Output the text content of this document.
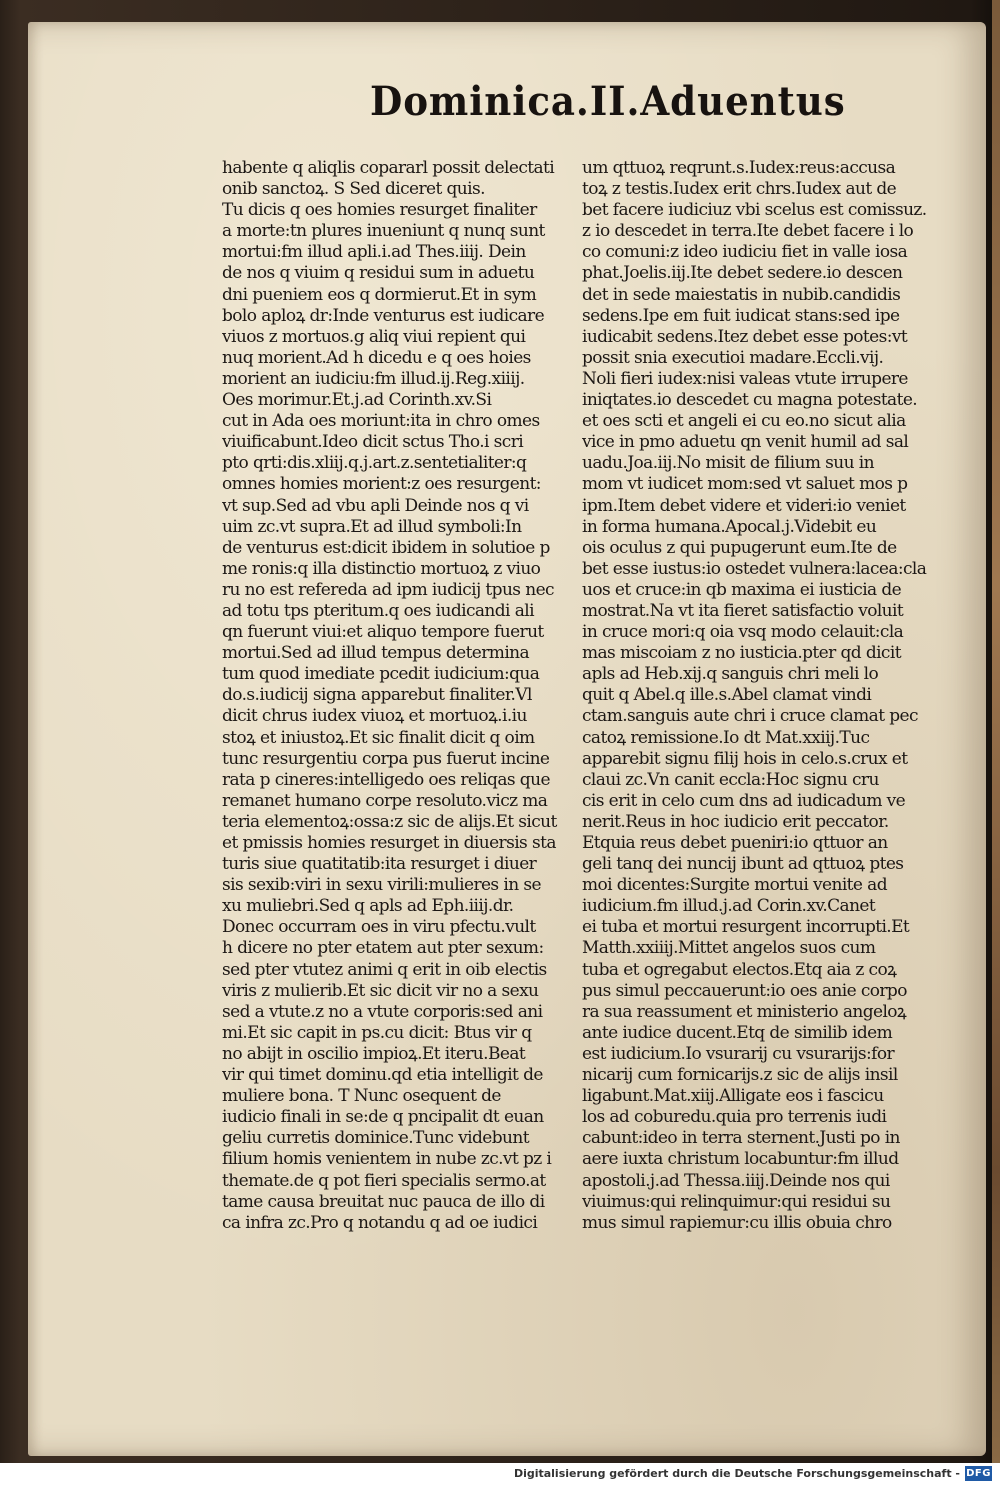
Dominica.II.Aduentus
habente q aliqlis copararl possit delectati
onib sanctoꝝ. S Sed diceret quis.
Tu dicis q oes homies resurget finaliter
a morte:tn plures inueniunt q nunq sunt
mortui:fm illud apli.i.ad Thes.iiij. Dein
de nos q viuim q residui sum in aduetu
dni pueniem eos q dormierut.Et in sym
bolo aploꝝ dr:Inde venturus est iudicare
viuos z mortuos.g aliq viui repient qui
nuq morient.Ad h dicedu e q oes hoies
morient an iudiciu:fm illud.ij.Reg.xiiij.
Oes morimur.Et.j.ad Corinth.xv.Si
cut in Ada oes moriunt:ita in chro omes
viuificabunt.Ideo dicit sctus Tho.i scri
pto qrti:dis.xliij.q.j.art.z.sentetialiter:q
omnes homies morient:z oes resurgent:
vt sup.Sed ad vbu apli Deinde nos q vi
uim zc.vt supra.Et ad illud symboli:In
de venturus est:dicit ibidem in solutioe p
me ronis:q illa distinctio mortuoꝝ z viuo
ru no est refereda ad ipm iudicij tpus nec
ad totu tps pteritum.q oes iudicandi ali
qn fuerunt viui:et aliquo tempore fuerut
mortui.Sed ad illud tempus determina
tum quod imediate pcedit iudicium:qua
do.s.iudicij signa apparebut finaliter.Vl
dicit chrus iudex viuoꝝ et mortuoꝝ.i.iu
stoꝝ et iniustoꝝ.Et sic finalit dicit q oim
tunc resurgentiu corpa pus fuerut incine
rata p cineres:intelligedo oes reliqas que
remanet humano corpe resoluto.vicz ma
teria elementoꝝ:ossa:z sic de alijs.Et sicut
et pmissis homies resurget in diuersis sta
turis siue quatitatib:ita resurget i diuer
sis sexib:viri in sexu virili:mulieres in se
xu muliebri.Sed q apls ad Eph.iiij.dr.
Donec occurram oes in viru pfectu.vult
h dicere no pter etatem aut pter sexum:
sed pter vtutez animi q erit in oib electis
viris z mulierib.Et sic dicit vir no a sexu
sed a vtute.z no a vtute corporis:sed ani
mi.Et sic capit in ps.cu dicit: Btus vir q
no abijt in oscilio impioꝝ.Et iteru.Beat
vir qui timet dominu.qd etia intelligit de
muliere bona. T Nunc osequent de
iudicio finali in se:de q pncipalit dt euan
geliu curretis dominice.Tunc videbunt
filium homis venientem in nube zc.vt pz i
themate.de q pot fieri specialis sermo.at
tame causa breuitat nuc pauca de illo di
ca infra zc.Pro q notandu q ad oe iudici
um qttuoꝝ reqrunt.s.Iudex:reus:accusa
toꝝ z testis.Iudex erit chrs.Iudex aut de
bet facere iudiciuz vbi scelus est comissuz.
z io descedet in terra.Ite debet facere i lo
co comuni:z ideo iudiciu fiet in valle iosa
phat.Joelis.iij.Ite debet sedere.io descen
det in sede maiestatis in nubib.candidis
sedens.Ipe em fuit iudicat stans:sed ipe
iudicabit sedens.Itez debet esse potes:vt
possit snia executioi madare.Eccli.vij.
Noli fieri iudex:nisi valeas vtute irrupere
iniqtates.io descedet cu magna potestate.
et oes scti et angeli ei cu eo.no sicut alia
vice in pmo aduetu qn venit humil ad sal
uadu.Joa.iij.No misit de filium suu in
mom vt iudicet mom:sed vt saluet mos p
ipm.Item debet videre et videri:io veniet
in forma humana.Apocal.j.Videbit eu
ois oculus z qui pupugerunt eum.Ite de
bet esse iustus:io ostedet vulnera:lacea:cla
uos et cruce:in qb maxima ei iusticia de
mostrat.Na vt ita fieret satisfactio voluit
in cruce mori:q oia vsq modo celauit:cla
mas miscoiam z no iusticia.pter qd dicit
apls ad Heb.xij.q sanguis chri meli lo
quit q Abel.q ille.s.Abel clamat vindi
ctam.sanguis aute chri i cruce clamat pec
catoꝝ remissione.Io dt Mat.xxiij.Tuc
apparebit signu filij hois in celo.s.crux et
claui zc.Vn canit eccla:Hoc signu cru
cis erit in celo cum dns ad iudicadum ve
nerit.Reus in hoc iudicio erit peccator.
Etquia reus debet pueniri:io qttuor an
geli tanq dei nuncij ibunt ad qttuoꝝ ptes
moi dicentes:Surgite mortui venite ad
iudicium.fm illud.j.ad Corin.xv.Canet
ei tuba et mortui resurgent incorrupti.Et
Matth.xxiiij.Mittet angelos suos cum
tuba et ogregabut electos.Etq aia z coꝝ
pus simul peccauerunt:io oes anie corpo
ra sua reassument et ministerio angeloꝝ
ante iudice ducent.Etq de similib idem
est iudicium.Io vsurarij cu vsurarijs:for
nicarij cum fornicarijs.z sic de alijs insil
ligabunt.Mat.xiij.Alligate eos i fascicu
los ad coburedu.quia pro terrenis iudi
cabunt:ideo in terra sternent.Justi po in
aere iuxta christum locabuntur:fm illud
apostoli.j.ad Thessa.iiij.Deinde nos qui
viuimus:qui relinquimur:qui residui su
mus simul rapiemur:cu illis obuia chro
Digitalisierung gefördert durch die Deutsche Forschungsgemeinschaft - DFG
